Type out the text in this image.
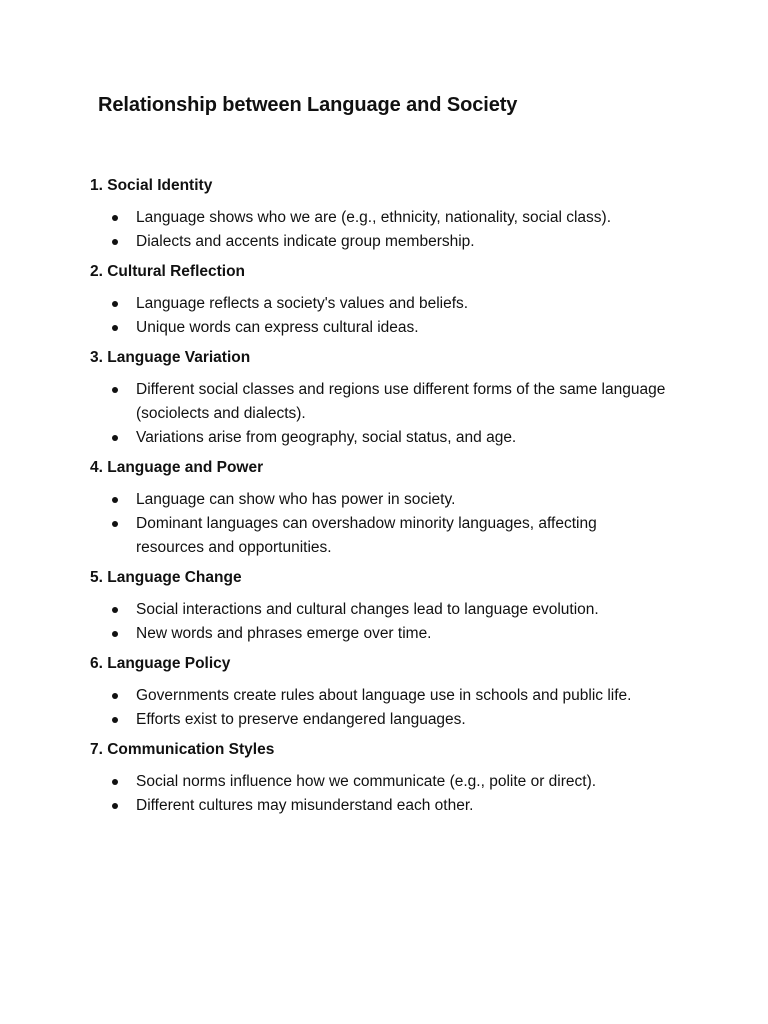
Relationship between Language and Society
1. Social Identity
Language shows who we are (e.g., ethnicity, nationality, social class).
Dialects and accents indicate group membership.
2. Cultural Reflection
Language reflects a society's values and beliefs.
Unique words can express cultural ideas.
3. Language Variation
Different social classes and regions use different forms of the same language (sociolects and dialects).
Variations arise from geography, social status, and age.
4. Language and Power
Language can show who has power in society.
Dominant languages can overshadow minority languages, affecting resources and opportunities.
5. Language Change
Social interactions and cultural changes lead to language evolution.
New words and phrases emerge over time.
6. Language Policy
Governments create rules about language use in schools and public life.
Efforts exist to preserve endangered languages.
7. Communication Styles
Social norms influence how we communicate (e.g., polite or direct).
Different cultures may misunderstand each other.
